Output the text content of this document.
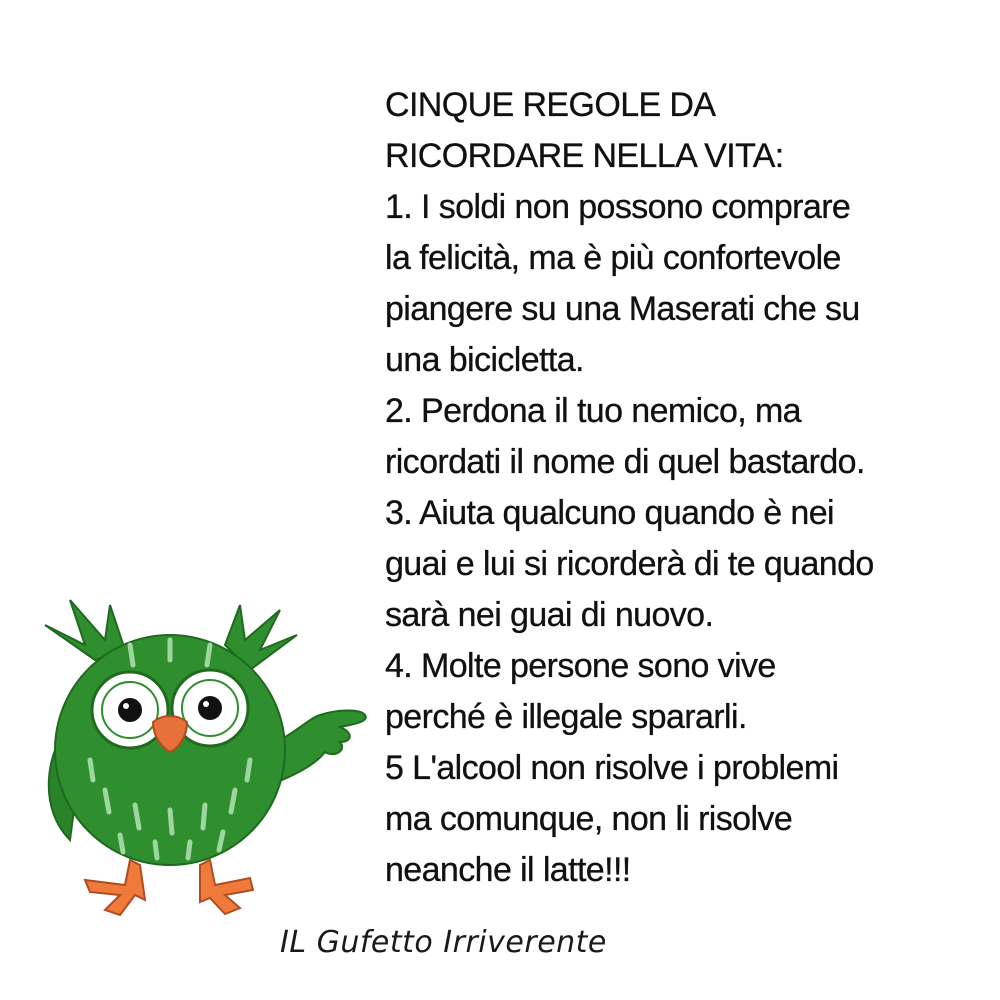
CINQUE REGOLE DA
RICORDARE NELLA VITA:
1. I soldi non possono comprare
la felicità, ma è più confortevole
piangere su una Maserati che su
una bicicletta.
2. Perdona il tuo nemico, ma
ricordati il nome di quel bastardo.
3. Aiuta qualcuno quando è nei
guai e lui si ricorderà di te quando
sarà nei guai di nuovo.
4. Molte persone sono vive
perché è illegale spararli.
5 L'alcool non risolve i problemi
ma comunque, non li risolve
neanche il latte!!!
IL Gufetto Irriverente
